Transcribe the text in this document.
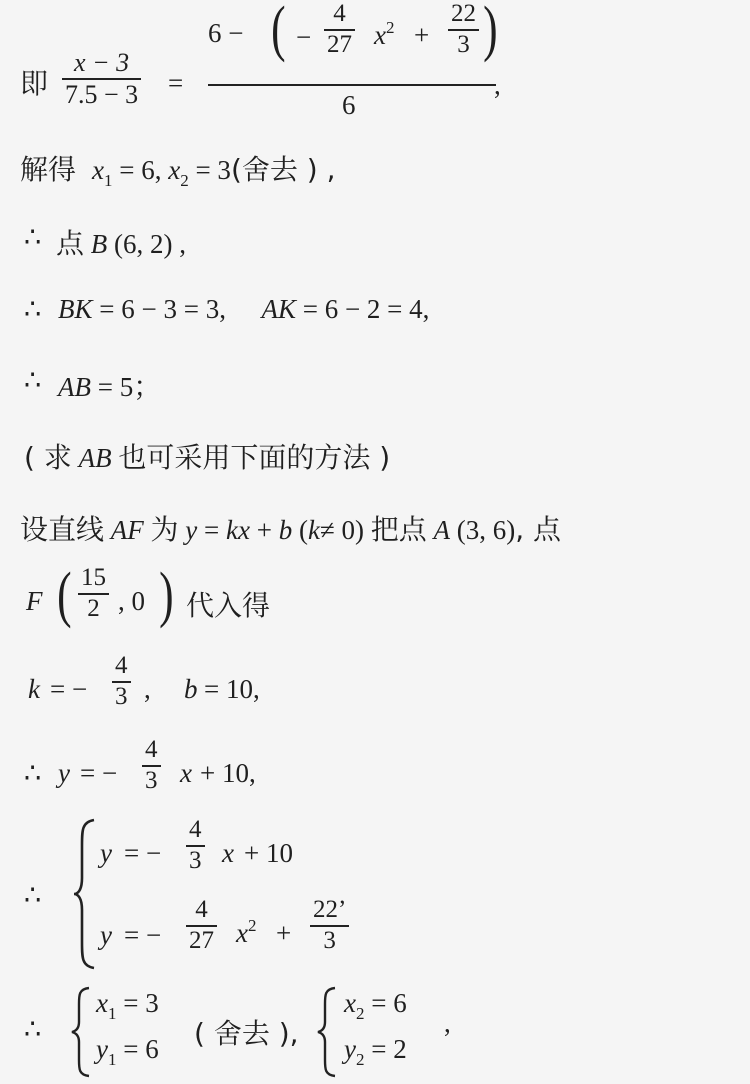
即 $\frac{x - 3}{7.5 - 3}$ =
6 − ( − $\frac{4}{27} x^2 + \frac{22}{3}$ )
6
,
解得 $x_1 = 6$, $x_2 = 3$(舍去 ) ,
∴ 点 B (6, 2) ,
∴ BK = 6 − 3 = 3, AK = 6 − 2 = 4,
∴ AB = 5；
( 求 AB 也可采用下面的方法 )
设直线 AF 为 y = kx + b (k≠ 0) 把点 A (3, 6), 点
F ( $\frac{15}{2}$ , 0 ) 代入得
k = − $\frac{4}{3}$ , b = 10,
∴ y = − $\frac{4}{3}$ x + 10,
∴
y = − $\frac{4}{3}$ x + 10
y = − $\frac{4}{27} x^2 + \frac{22’}{3}$
∴
$x_1 = 3$
$y_1 = 6$ ( 舍去 ),
$x_2 = 6$
$y_2 = 2$
,
